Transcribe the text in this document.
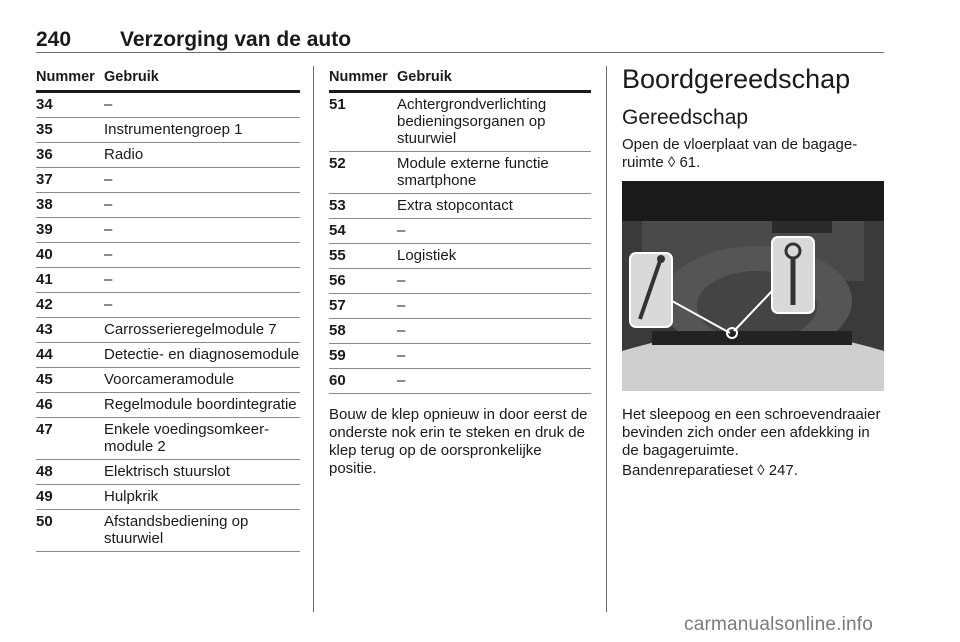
240 Verzorging van de auto
Nummer Gebruik
34	–
35	Instrumentengroep 1
36	Radio
37	–
38	–
39	–
40	–
41	–
42	–
43	Carrosserieregelmodule 7
44	Detectie- en diagnosemodule
45	Voorcameramodule
46	Regelmodule boordintegratie
47	Enkele voedingsomkeermodule 2
48	Elektrisch stuurslot
49	Hulpkrik
50	Afstandsbediening op stuurwiel
Nummer Gebruik
51	Achtergrondverlichting bedieningsorganen op stuurwiel
52	Module externe functie smartphone
53	Extra stopcontact
54	–
55	Logistiek
56	–
57	–
58	–
59	–
60	–
Bouw de klep opnieuw in door eerst de onderste nok erin te steken en druk de klep terug op de oorspronkelijke positie.
Boordgereedschap
Gereedschap
Open de vloerplaat van de bagageruimte ◊ 61.
Het sleepoog en een schroevendraaier bevinden zich onder een afdekking in de bagageruimte.
Bandenreparatieset ◊ 247.
carmanualsonline.info
